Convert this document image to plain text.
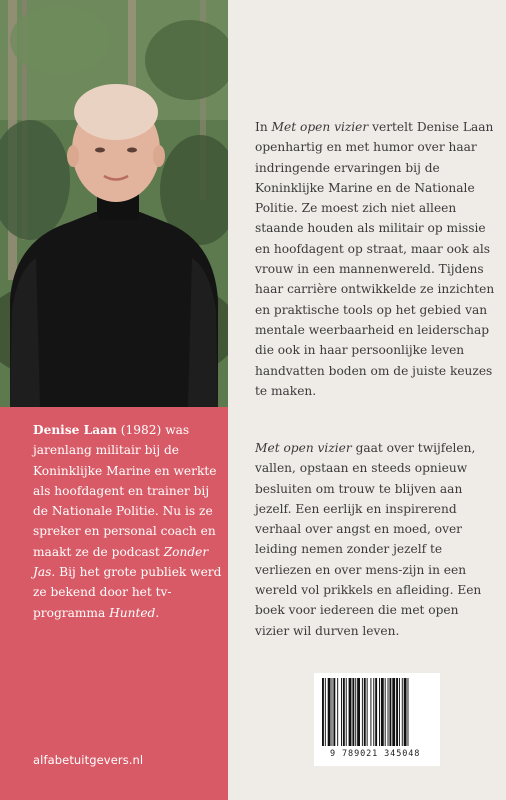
Denise Laan (1982) was jarenlang militair bij de Koninklijke Marine en werkte als hoofdagent en trainer bij de Nationale Politie. Nu is ze spreker en personal coach en maakt ze de podcast Zonder Jas. Bij het grote publiek werd ze bekend door het tv-programma Hunted.

alfabetuitgevers.nl

In Met open vizier vertelt Denise Laan openhartig en met humor over haar indringende ervaringen bij de Koninklijke Marine en de Nationale Politie. Ze moest zich niet alleen staande houden als militair op missie en hoofdagent op straat, maar ook als vrouw in een mannenwereld. Tijdens haar carrière ontwikkelde ze inzichten en praktische tools op het gebied van mentale weerbaarheid en leiderschap die ook in haar persoonlijke leven handvatten boden om de juiste keuzes te maken.

Met open vizier gaat over twijfelen, vallen, opstaan en steeds opnieuw besluiten om trouw te blijven aan jezelf. Een eerlijk en inspirerend verhaal over angst en moed, over leiding nemen zonder jezelf te verliezen en over mens-zijn in een wereld vol prikkels en afleiding. Een boek voor iedereen die met open vizier wil durven leven.

9 789021 345048
